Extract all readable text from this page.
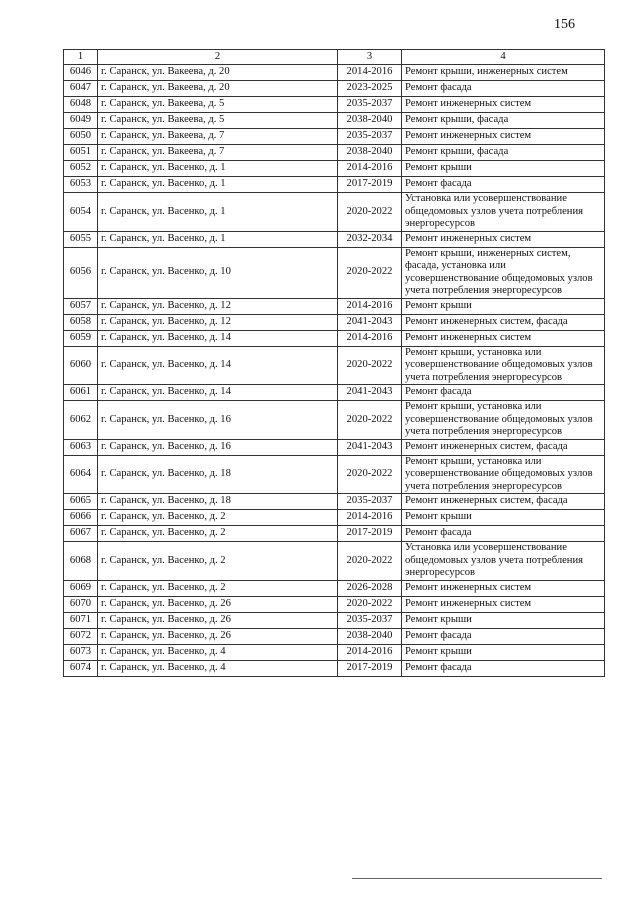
156
1	2	3	4
6046	г. Саранск, ул. Вакеева, д. 20	2014-2016	Ремонт крыши, инженерных систем
6047	г. Саранск, ул. Вакеева, д. 20	2023-2025	Ремонт фасада
6048	г. Саранск, ул. Вакеева, д. 5	2035-2037	Ремонт инженерных систем
6049	г. Саранск, ул. Вакеева, д. 5	2038-2040	Ремонт крыши, фасада
6050	г. Саранск, ул. Вакеева, д. 7	2035-2037	Ремонт инженерных систем
6051	г. Саранск, ул. Вакеева, д. 7	2038-2040	Ремонт крыши, фасада
6052	г. Саранск, ул. Васенко, д. 1	2014-2016	Ремонт крыши
6053	г. Саранск, ул. Васенко, д. 1	2017-2019	Ремонт фасада
6054	г. Саранск, ул. Васенко, д. 1	2020-2022	Установка или усовершенствование общедомовых узлов учета потребления энергоресурсов
6055	г. Саранск, ул. Васенко, д. 1	2032-2034	Ремонт инженерных систем
6056	г. Саранск, ул. Васенко, д. 10	2020-2022	Ремонт крыши, инженерных систем, фасада, установка или усовершенствование общедомовых узлов учета потребления энергоресурсов
6057	г. Саранск, ул. Васенко, д. 12	2014-2016	Ремонт крыши
6058	г. Саранск, ул. Васенко, д. 12	2041-2043	Ремонт инженерных систем, фасада
6059	г. Саранск, ул. Васенко, д. 14	2014-2016	Ремонт инженерных систем
6060	г. Саранск, ул. Васенко, д. 14	2020-2022	Ремонт крыши, установка или усовершенствование общедомовых узлов учета потребления энергоресурсов
6061	г. Саранск, ул. Васенко, д. 14	2041-2043	Ремонт фасада
6062	г. Саранск, ул. Васенко, д. 16	2020-2022	Ремонт крыши, установка или усовершенствование общедомовых узлов учета потребления энергоресурсов
6063	г. Саранск, ул. Васенко, д. 16	2041-2043	Ремонт инженерных систем, фасада
6064	г. Саранск, ул. Васенко, д. 18	2020-2022	Ремонт крыши, установка или усовершенствование общедомовых узлов учета потребления энергоресурсов
6065	г. Саранск, ул. Васенко, д. 18	2035-2037	Ремонт инженерных систем, фасада
6066	г. Саранск, ул. Васенко, д. 2	2014-2016	Ремонт крыши
6067	г. Саранск, ул. Васенко, д. 2	2017-2019	Ремонт фасада
6068	г. Саранск, ул. Васенко, д. 2	2020-2022	Установка или усовершенствование общедомовых узлов учета потребления энергоресурсов
6069	г. Саранск, ул. Васенко, д. 2	2026-2028	Ремонт инженерных систем
6070	г. Саранск, ул. Васенко, д. 26	2020-2022	Ремонт инженерных систем
6071	г. Саранск, ул. Васенко, д. 26	2035-2037	Ремонт крыши
6072	г. Саранск, ул. Васенко, д. 26	2038-2040	Ремонт фасада
6073	г. Саранск, ул. Васенко, д. 4	2014-2016	Ремонт крыши
6074	г. Саранск, ул. Васенко, д. 4	2017-2019	Ремонт фасада
